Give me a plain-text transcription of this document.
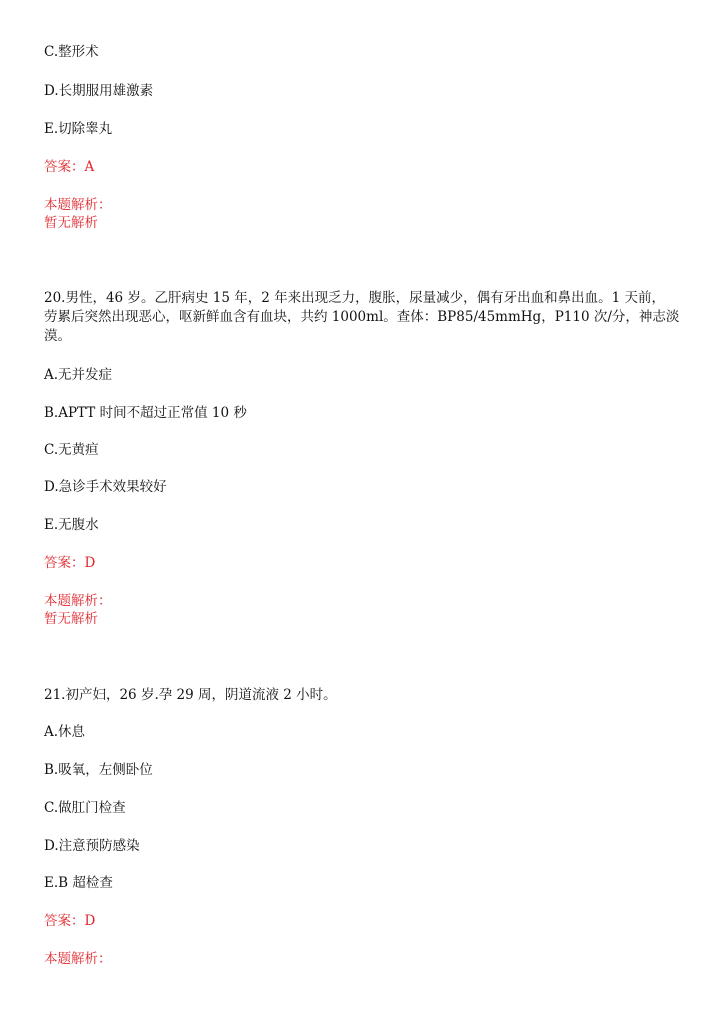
C.整形术
D.长期服用雄激素
E.切除睾丸
答案：A
本题解析：
暂无解析
20.男性，46 岁。乙肝病史 15 年，2 年来出现乏力，腹胀，尿量减少，偶有牙出血和鼻出血。1 天前，
劳累后突然出现恶心，呕新鲜血含有血块，共约 1000ml。查体：BP85/45mmHg，P110 次/分，神志淡
漠。
A.无并发症
B.APTT 时间不超过正常值 10 秒
C.无黄疸
D.急诊手术效果较好
E.无腹水
答案：D
本题解析：
暂无解析
21.初产妇，26 岁.孕 29 周，阴道流液 2 小时。
A.休息
B.吸氧，左侧卧位
C.做肛门检查
D.注意预防感染
E.B 超检查
答案：D
本题解析：
